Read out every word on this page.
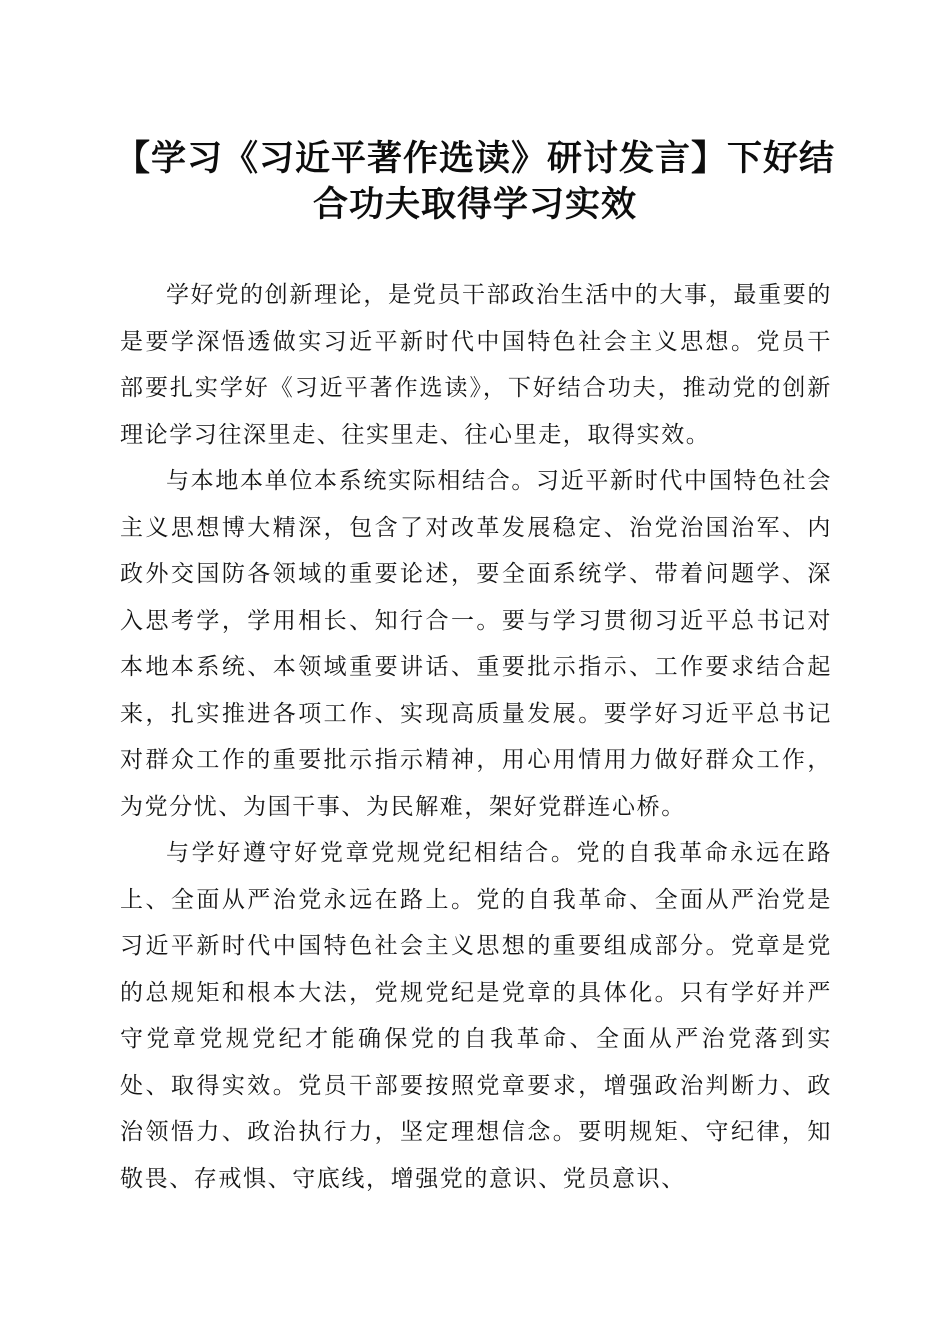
【学习《习近平著作选读》研讨发言】下好结
合功夫取得学习实效

学好党的创新理论，是党员干部政治生活中的大事，最重要的是要学深悟透做实习近平新时代中国特色社会主义思想。党员干部要扎实学好《习近平著作选读》，下好结合功夫，推动党的创新理论学习往深里走、往实里走、往心里走，取得实效。

与本地本单位本系统实际相结合。习近平新时代中国特色社会主义思想博大精深，包含了对改革发展稳定、治党治国治军、内政外交国防各领域的重要论述，要全面系统学、带着问题学、深入思考学，学用相长、知行合一。要与学习贯彻习近平总书记对本地本系统、本领域重要讲话、重要批示指示、工作要求结合起来，扎实推进各项工作、实现高质量发展。要学好习近平总书记对群众工作的重要批示指示精神，用心用情用力做好群众工作，为党分忧、为国干事、为民解难，架好党群连心桥。

与学好遵守好党章党规党纪相结合。党的自我革命永远在路上、全面从严治党永远在路上。党的自我革命、全面从严治党是习近平新时代中国特色社会主义思想的重要组成部分。党章是党的总规矩和根本大法，党规党纪是党章的具体化。只有学好并严守党章党规党纪才能确保党的自我革命、全面从严治党落到实处、取得实效。党员干部要按照党章要求，增强政治判断力、政治领悟力、政治执行力，坚定理想信念。要明规矩、守纪律，知敬畏、存戒惧、守底线，增强党的意识、党员意识、
